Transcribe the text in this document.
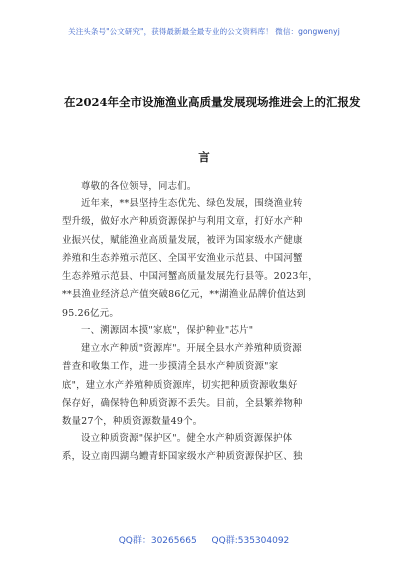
关注头条号"公文研究"，获得最新最全最专业的公文资料库！ 微信：gongwenyj
在2024年全市设施渔业高质量发展现场推进会上的汇报发
言
尊敬的各位领导，同志们。
近年来，**县坚持生态优先、绿色发展，围绕渔业转
型升级，做好水产种质资源保护与利用文章，打好水产种
业振兴仗，赋能渔业高质量发展，被评为国家级水产健康
养殖和生态养殖示范区、全国平安渔业示范县、中国河蟹
生态养殖示范县、中国河蟹高质量发展先行县等。2023年，
**县渔业经济总产值突破86亿元，**湖渔业品牌价值达到
95.26亿元。
一、溯源固本摸"家底"，保护种业"芯片"
建立水产种质"资源库"。开展全县水产养殖种质资源
普查和收集工作，进一步摸清全县水产种质资源"家
底"，建立水产养殖种质资源库，切实把种质资源收集好
保存好，确保特色种质资源不丢失。目前，全县繁养物种
数量27个，种质资源数量49个。
设立种质资源"保护区"。健全水产种质资源保护体
系，设立南四湖乌鳢青虾国家级水产种质资源保护区、独
QQ群：30265665 QQ群:535304092
